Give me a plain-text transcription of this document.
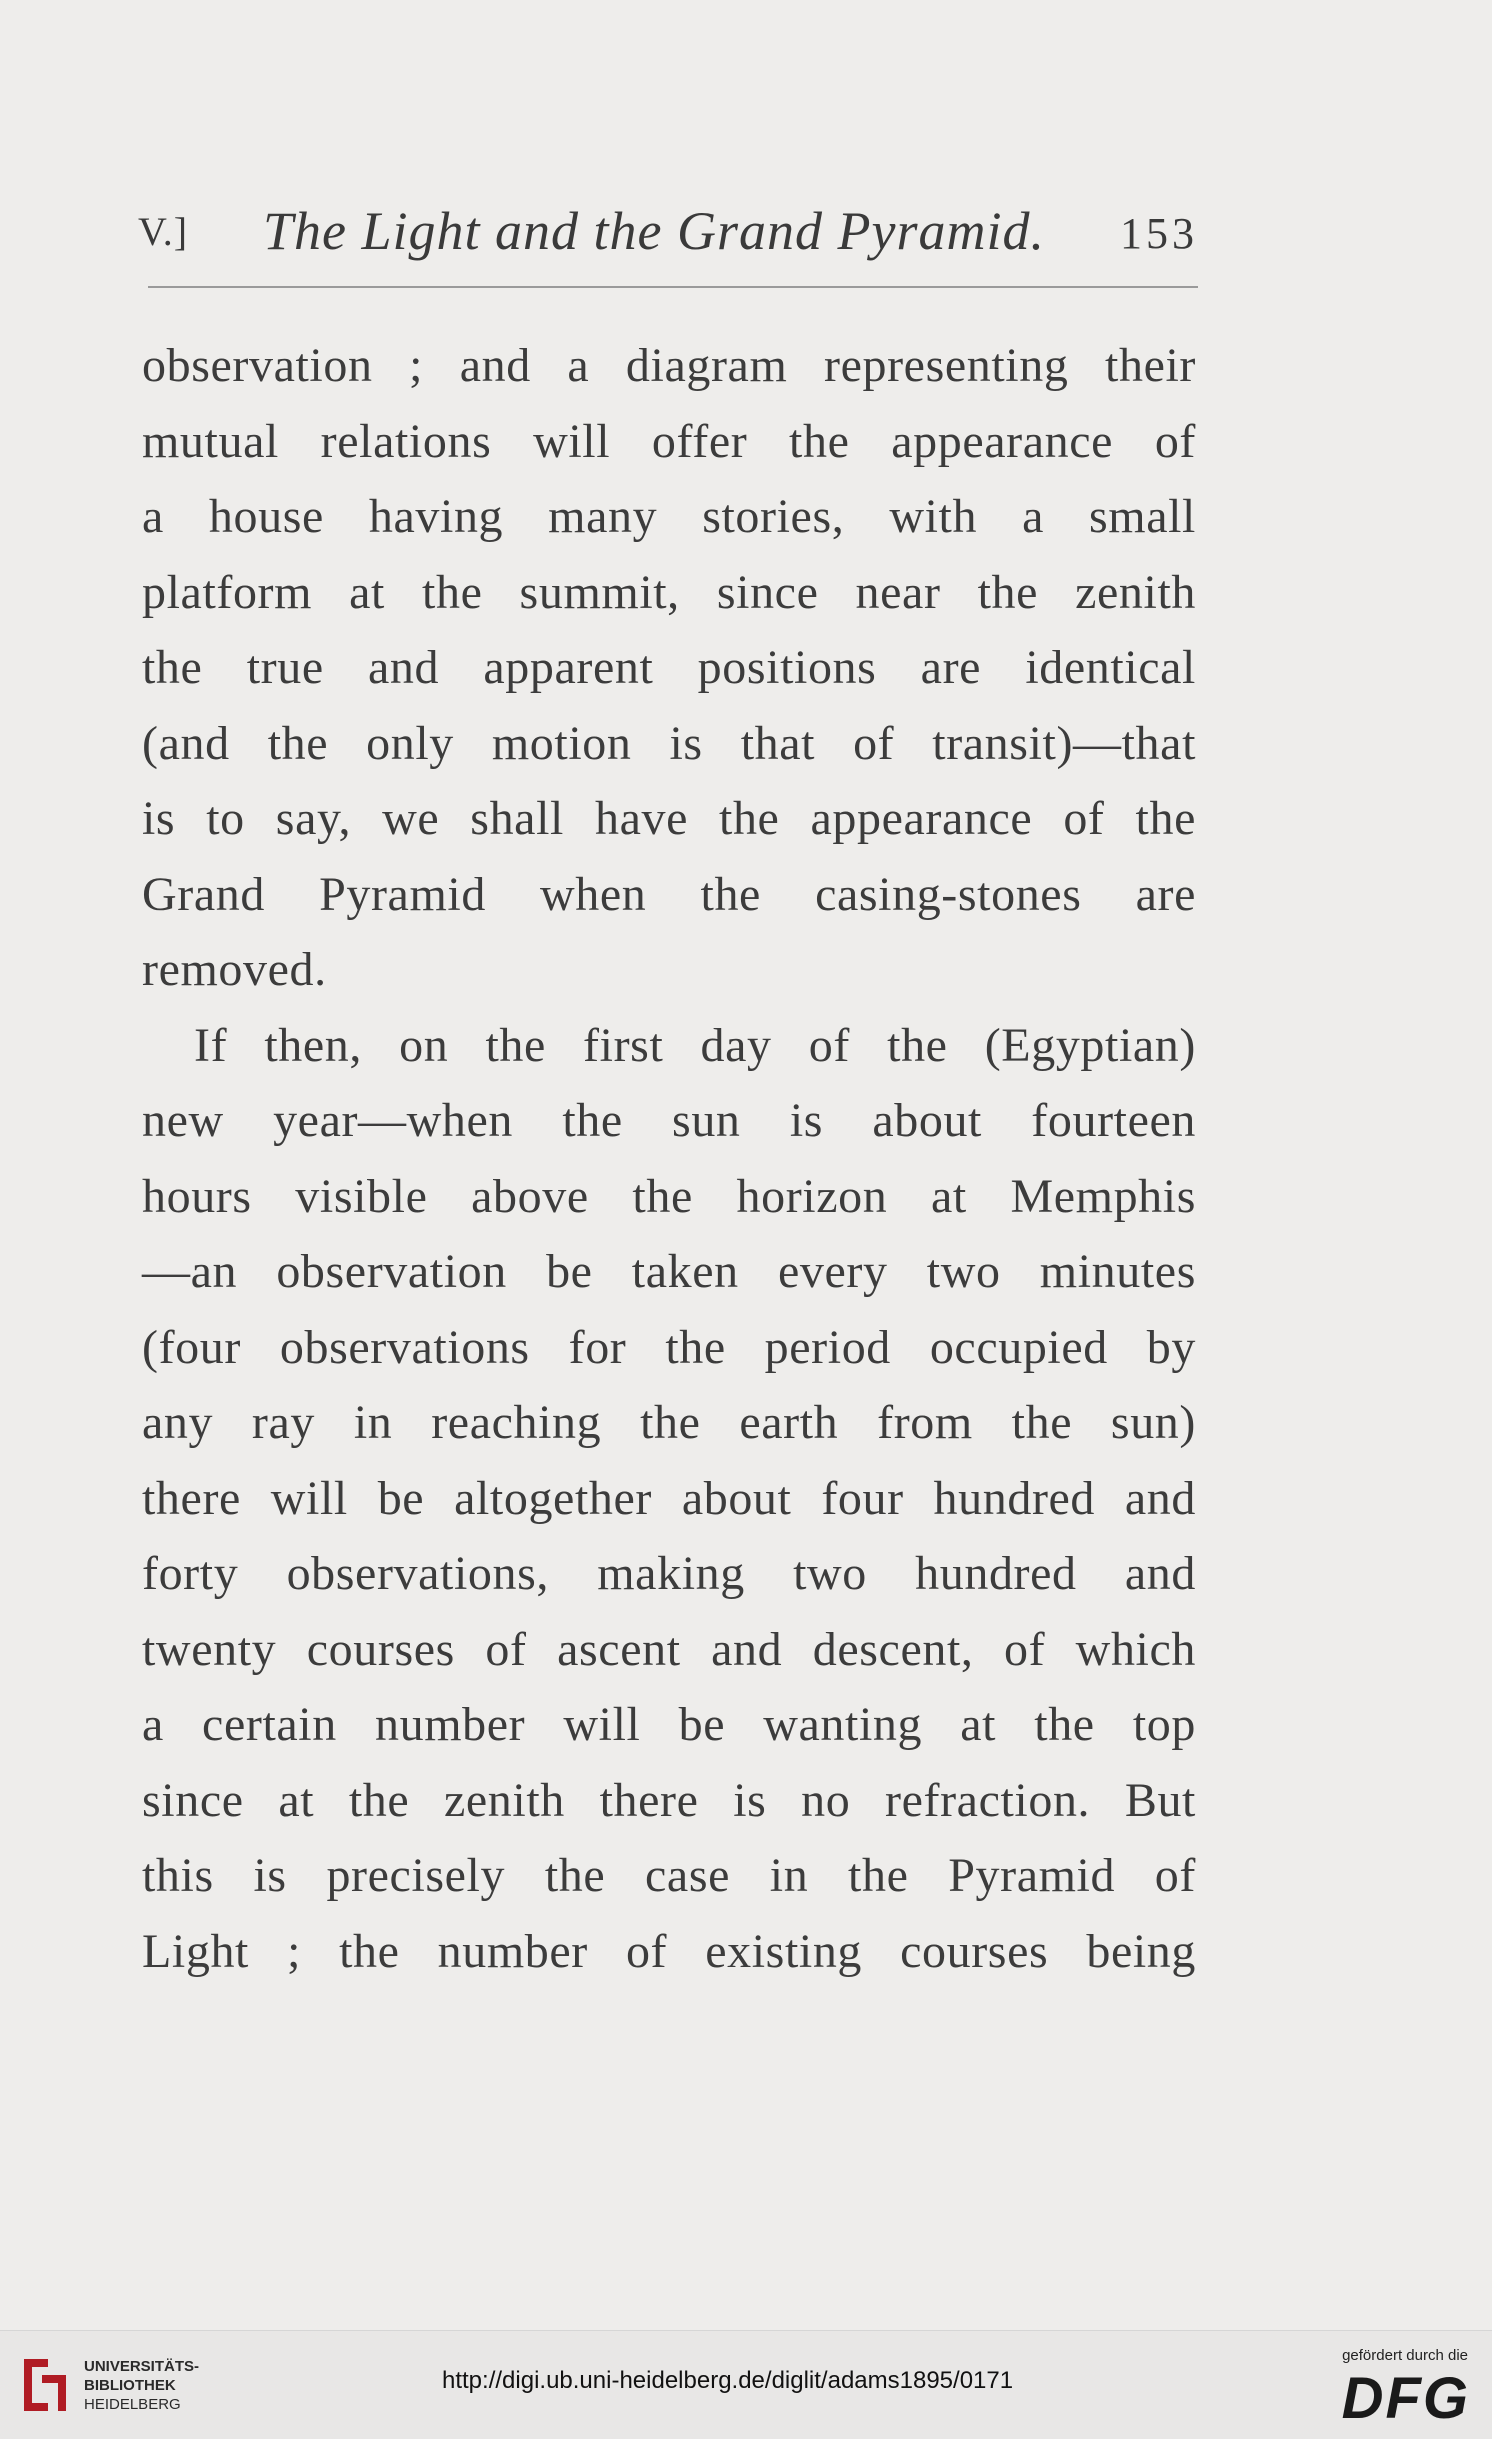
V.] The Light and the Grand Pyramid. 153
observation ; and a diagram representing their
mutual relations will offer the appearance of
a house having many stories, with a small
platform at the summit, since near the zenith
the true and apparent positions are identical
(and the only motion is that of transit)—that
is to say, we shall have the appearance of the
Grand Pyramid when the casing-stones are
removed.
If then, on the first day of the (Egyptian)
new year—when the sun is about fourteen
hours visible above the horizon at Memphis
—an observation be taken every two minutes
(four observations for the period occupied by
any ray in reaching the earth from the sun)
there will be altogether about four hundred and
forty observations, making two hundred and
twenty courses of ascent and descent, of which
a certain number will be wanting at the top
since at the zenith there is no refraction. But
this is precisely the case in the Pyramid of
Light ; the number of existing courses being
UNIVERSITÄTS-
BIBLIOTHEK
HEIDELBERG
http://digi.ub.uni-heidelberg.de/diglit/adams1895/0171
gefördert durch die
DFG
